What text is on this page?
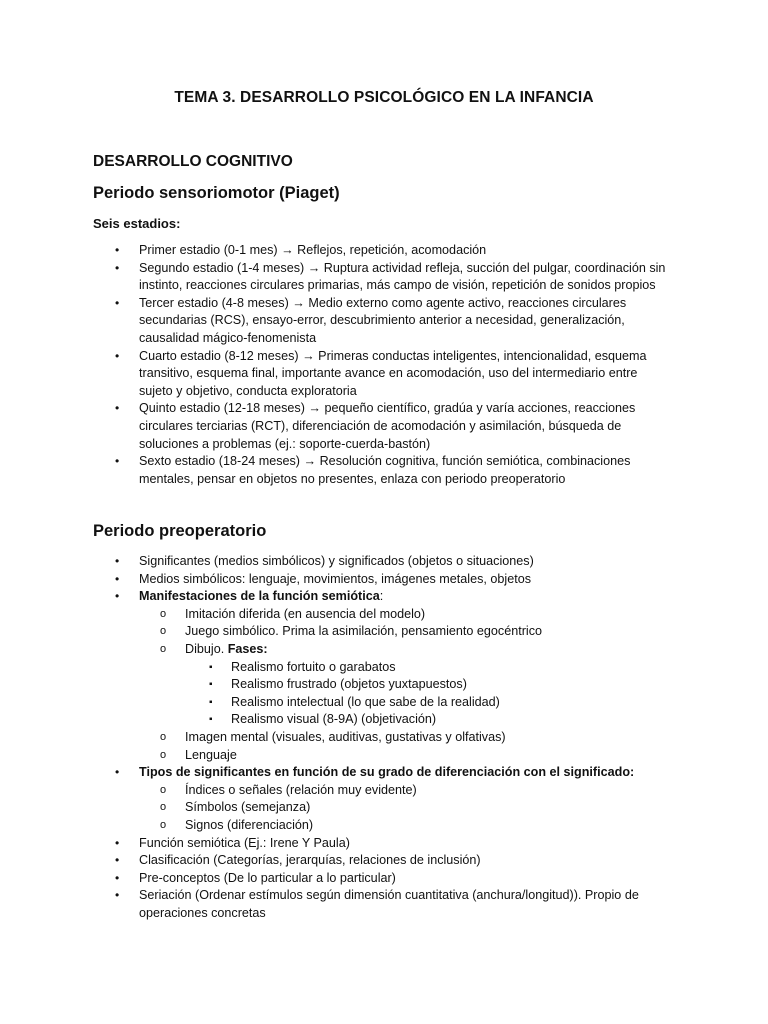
TEMA 3. DESARROLLO PSICOLÓGICO EN LA INFANCIA
DESARROLLO COGNITIVO
Periodo sensoriomotor (Piaget)
Seis estadios:
• Primer estadio (0-1 mes) → Reflejos, repetición, acomodación
• Segundo estadio (1-4 meses) → Ruptura actividad refleja, succión del pulgar, coordinación sin instinto, reacciones circulares primarias, más campo de visión, repetición de sonidos propios
• Tercer estadio (4-8 meses) → Medio externo como agente activo, reacciones circulares secundarias (RCS), ensayo-error, descubrimiento anterior a necesidad, generalización, causalidad mágico-fenomenista
• Cuarto estadio (8-12 meses) → Primeras conductas inteligentes, intencionalidad, esquema transitivo, esquema final, importante avance en acomodación, uso del intermediario entre sujeto y objetivo, conducta exploratoria
• Quinto estadio (12-18 meses) → pequeño científico, gradúa y varía acciones, reacciones circulares terciarias (RCT), diferenciación de acomodación y asimilación, búsqueda de soluciones a problemas (ej.: soporte-cuerda-bastón)
• Sexto estadio (18-24 meses) → Resolución cognitiva, función semiótica, combinaciones mentales, pensar en objetos no presentes, enlaza con periodo preoperatorio
Periodo preoperatorio
• Significantes (medios simbólicos) y significados (objetos o situaciones)
• Medios simbólicos: lenguaje, movimientos, imágenes metales, objetos
• Manifestaciones de la función semiótica:
o Imitación diferida (en ausencia del modelo)
o Juego simbólico. Prima la asimilación, pensamiento egocéntrico
o Dibujo. Fases:
▪ Realismo fortuito o garabatos
▪ Realismo frustrado (objetos yuxtapuestos)
▪ Realismo intelectual (lo que sabe de la realidad)
▪ Realismo visual (8-9A) (objetivación)
o Imagen mental (visuales, auditivas, gustativas y olfativas)
o Lenguaje
• Tipos de significantes en función de su grado de diferenciación con el significado:
o Índices o señales (relación muy evidente)
o Símbolos (semejanza)
o Signos (diferenciación)
• Función semiótica (Ej.: Irene Y Paula)
• Clasificación (Categorías, jerarquías, relaciones de inclusión)
• Pre-conceptos (De lo particular a lo particular)
• Seriación (Ordenar estímulos según dimensión cuantitativa (anchura/longitud)). Propio de operaciones concretas
